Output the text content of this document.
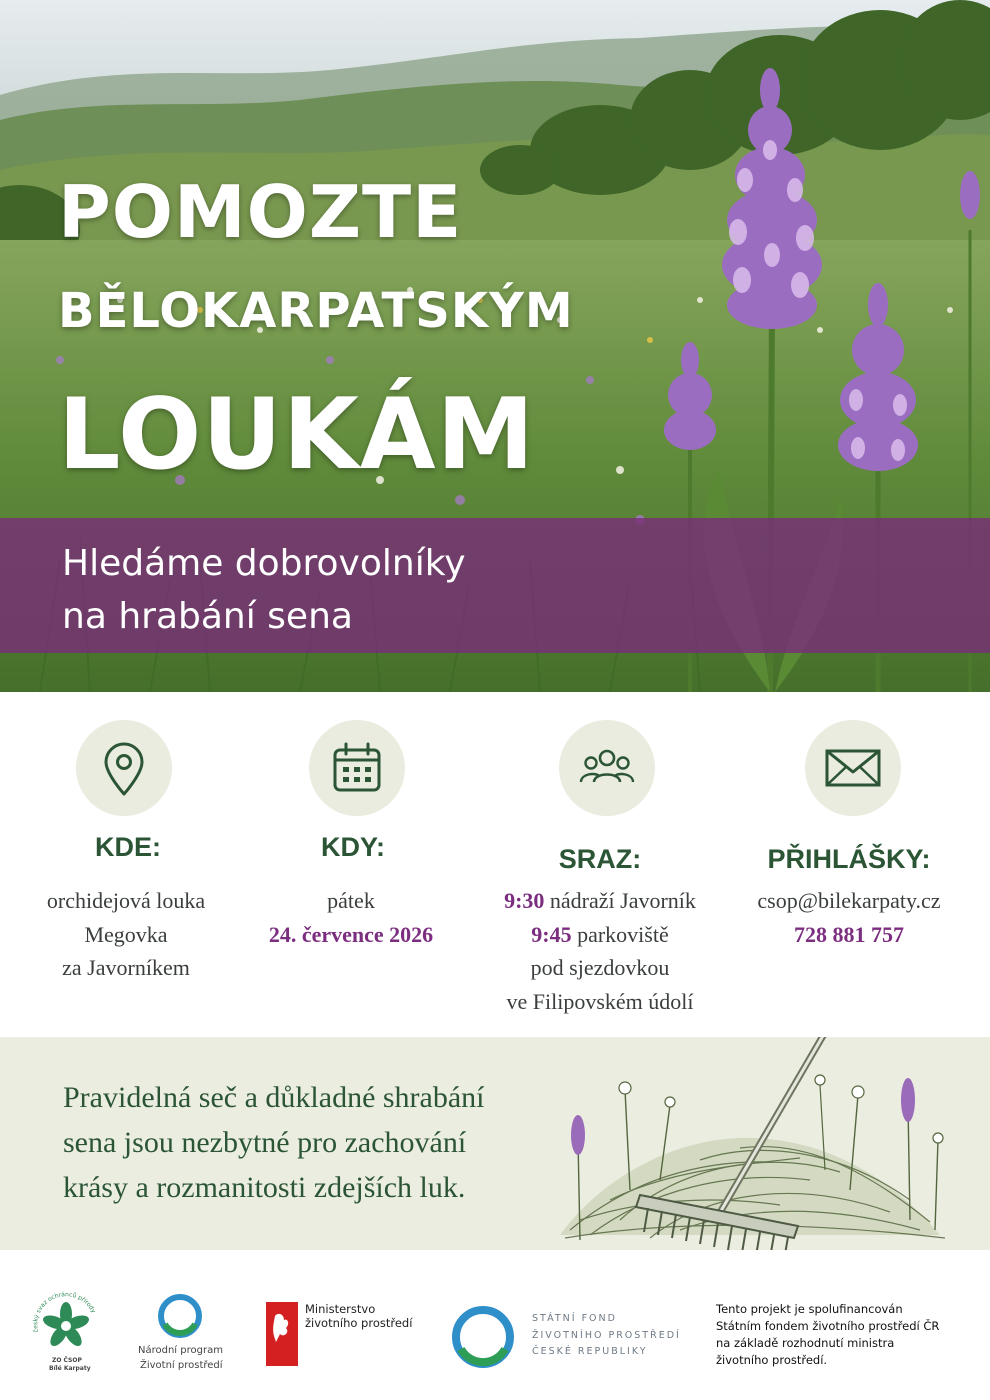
POMOZTE
BĚLOKARPATSKÝM
LOUKÁM
Hledáme dobrovolníky
na hrabání sena
KDE:
orchidejová louka
Megovka
za Javorníkem
KDY:
pátek
24. července 2026
SRAZ:
9:30 nádraží Javorník
9:45 parkoviště
pod sjezdovkou
ve Filipovském údolí
PŘIHLÁŠKY:
csop@bilekarpaty.cz
728 881 757
Pravidelná seč a důkladné shrabání
sena jsou nezbytné pro zachování
krásy a rozmanitosti zdejších luk.
český svaz ochránců přírody
ZO ČSOP
Bílé Karpaty
Národní program
Životní prostředí
Ministerstvo
životního prostředí	STÁTNÍ FOND
ŽIVOTNÍHO PROSTŘEDÍ
ČESKÉ REPUBLIKY
Tento projekt je spolufinancován
Státním fondem životního prostředí ČR
na základě rozhodnutí ministra
životního prostředí.
